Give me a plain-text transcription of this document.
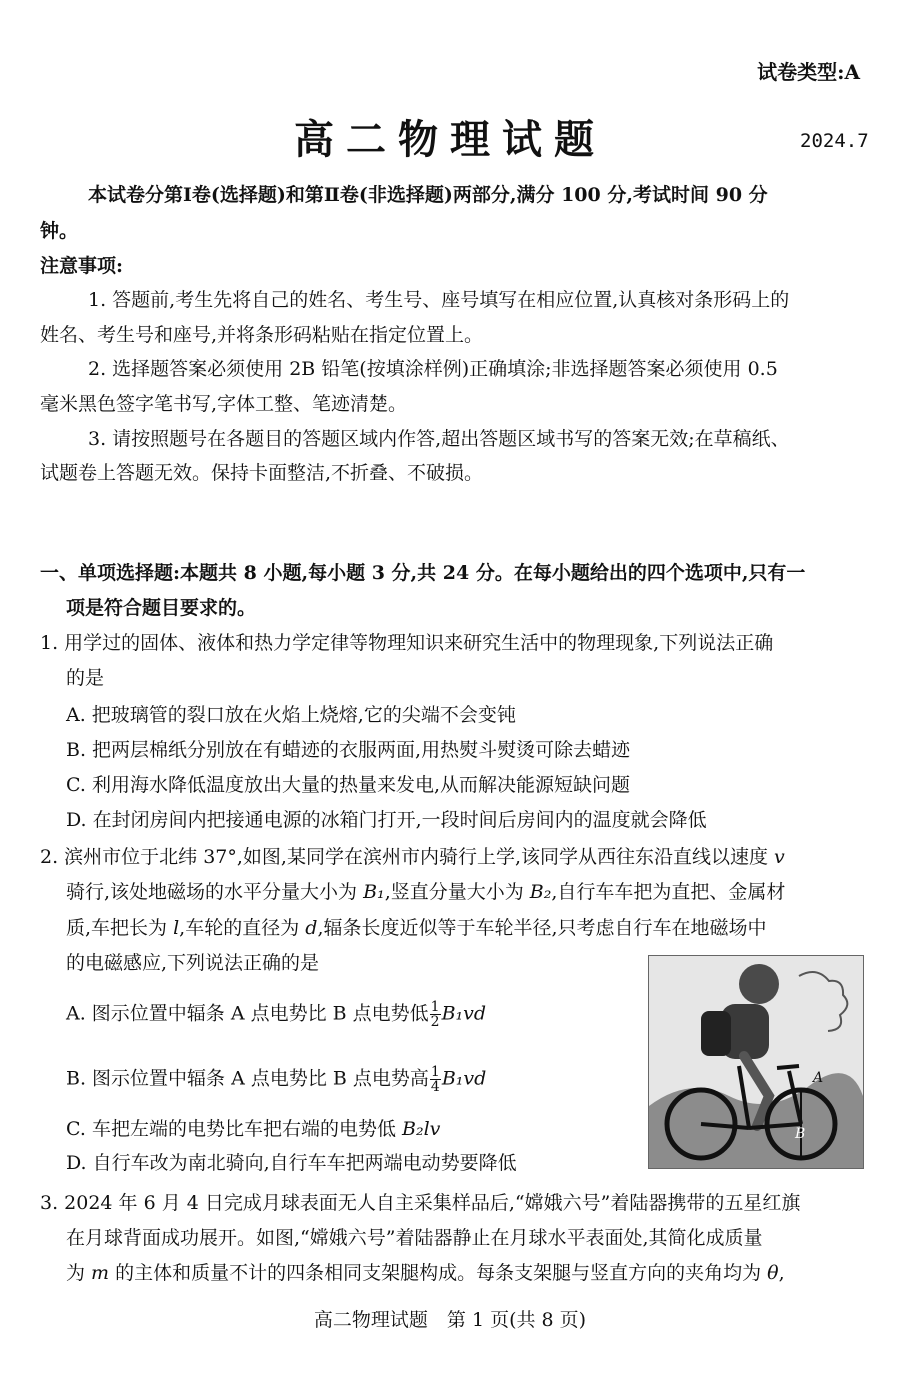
试卷类型:A
高二物理试题	2024.7
本试卷分第Ⅰ卷(选择题)和第Ⅱ卷(非选择题)两部分,满分 100 分,考试时间 90 分
钟。
注意事项:
1. 答题前,考生先将自己的姓名、考生号、座号填写在相应位置,认真核对条形码上的
姓名、考生号和座号,并将条形码粘贴在指定位置上。
2. 选择题答案必须使用 2B 铅笔(按填涂样例)正确填涂;非选择题答案必须使用 0.5
毫米黑色签字笔书写,字体工整、笔迹清楚。
3. 请按照题号在各题目的答题区域内作答,超出答题区域书写的答案无效;在草稿纸、
试题卷上答题无效。保持卡面整洁,不折叠、不破损。
一、单项选择题:本题共 8 小题,每小题 3 分,共 24 分。在每小题给出的四个选项中,只有一
项是符合题目要求的。
1. 用学过的固体、液体和热力学定律等物理知识来研究生活中的物理现象,下列说法正确
的是
A. 把玻璃管的裂口放在火焰上烧熔,它的尖端不会变钝
B. 把两层棉纸分别放在有蜡迹的衣服两面,用热熨斗熨烫可除去蜡迹
C. 利用海水降低温度放出大量的热量来发电,从而解决能源短缺问题
D. 在封闭房间内把接通电源的冰箱门打开,一段时间后房间内的温度就会降低
2. 滨州市位于北纬 37°,如图,某同学在滨州市内骑行上学,该同学从西往东沿直线以速度 v
骑行,该处地磁场的水平分量大小为 B₁,竖直分量大小为 B₂,自行车车把为直把、金属材
质,车把长为 l,车轮的直径为 d,辐条长度近似等于车轮半径,只考虑自行车在地磁场中
的电磁感应,下列说法正确的是
A. 图示位置中辐条 A 点电势比 B 点电势低 $\frac{1}{2} B_1vd$
B. 图示位置中辐条 A 点电势比 B 点电势高 $\frac{1}{4} B_1vd$
C. 车把左端的电势比车把右端的电势低 B₂lv
D. 自行车改为南北骑向,自行车车把两端电动势要降低
A
B
3. 2024 年 6 月 4 日完成月球表面无人自主采集样品后,“嫦娥六号”着陆器携带的五星红旗
在月球背面成功展开。如图,“嫦娥六号”着陆器静止在月球水平表面处,其简化成质量
为 m 的主体和质量不计的四条相同支架腿构成。每条支架腿与竖直方向的夹角均为 θ,
高二物理试题　第 1 页(共 8 页)
